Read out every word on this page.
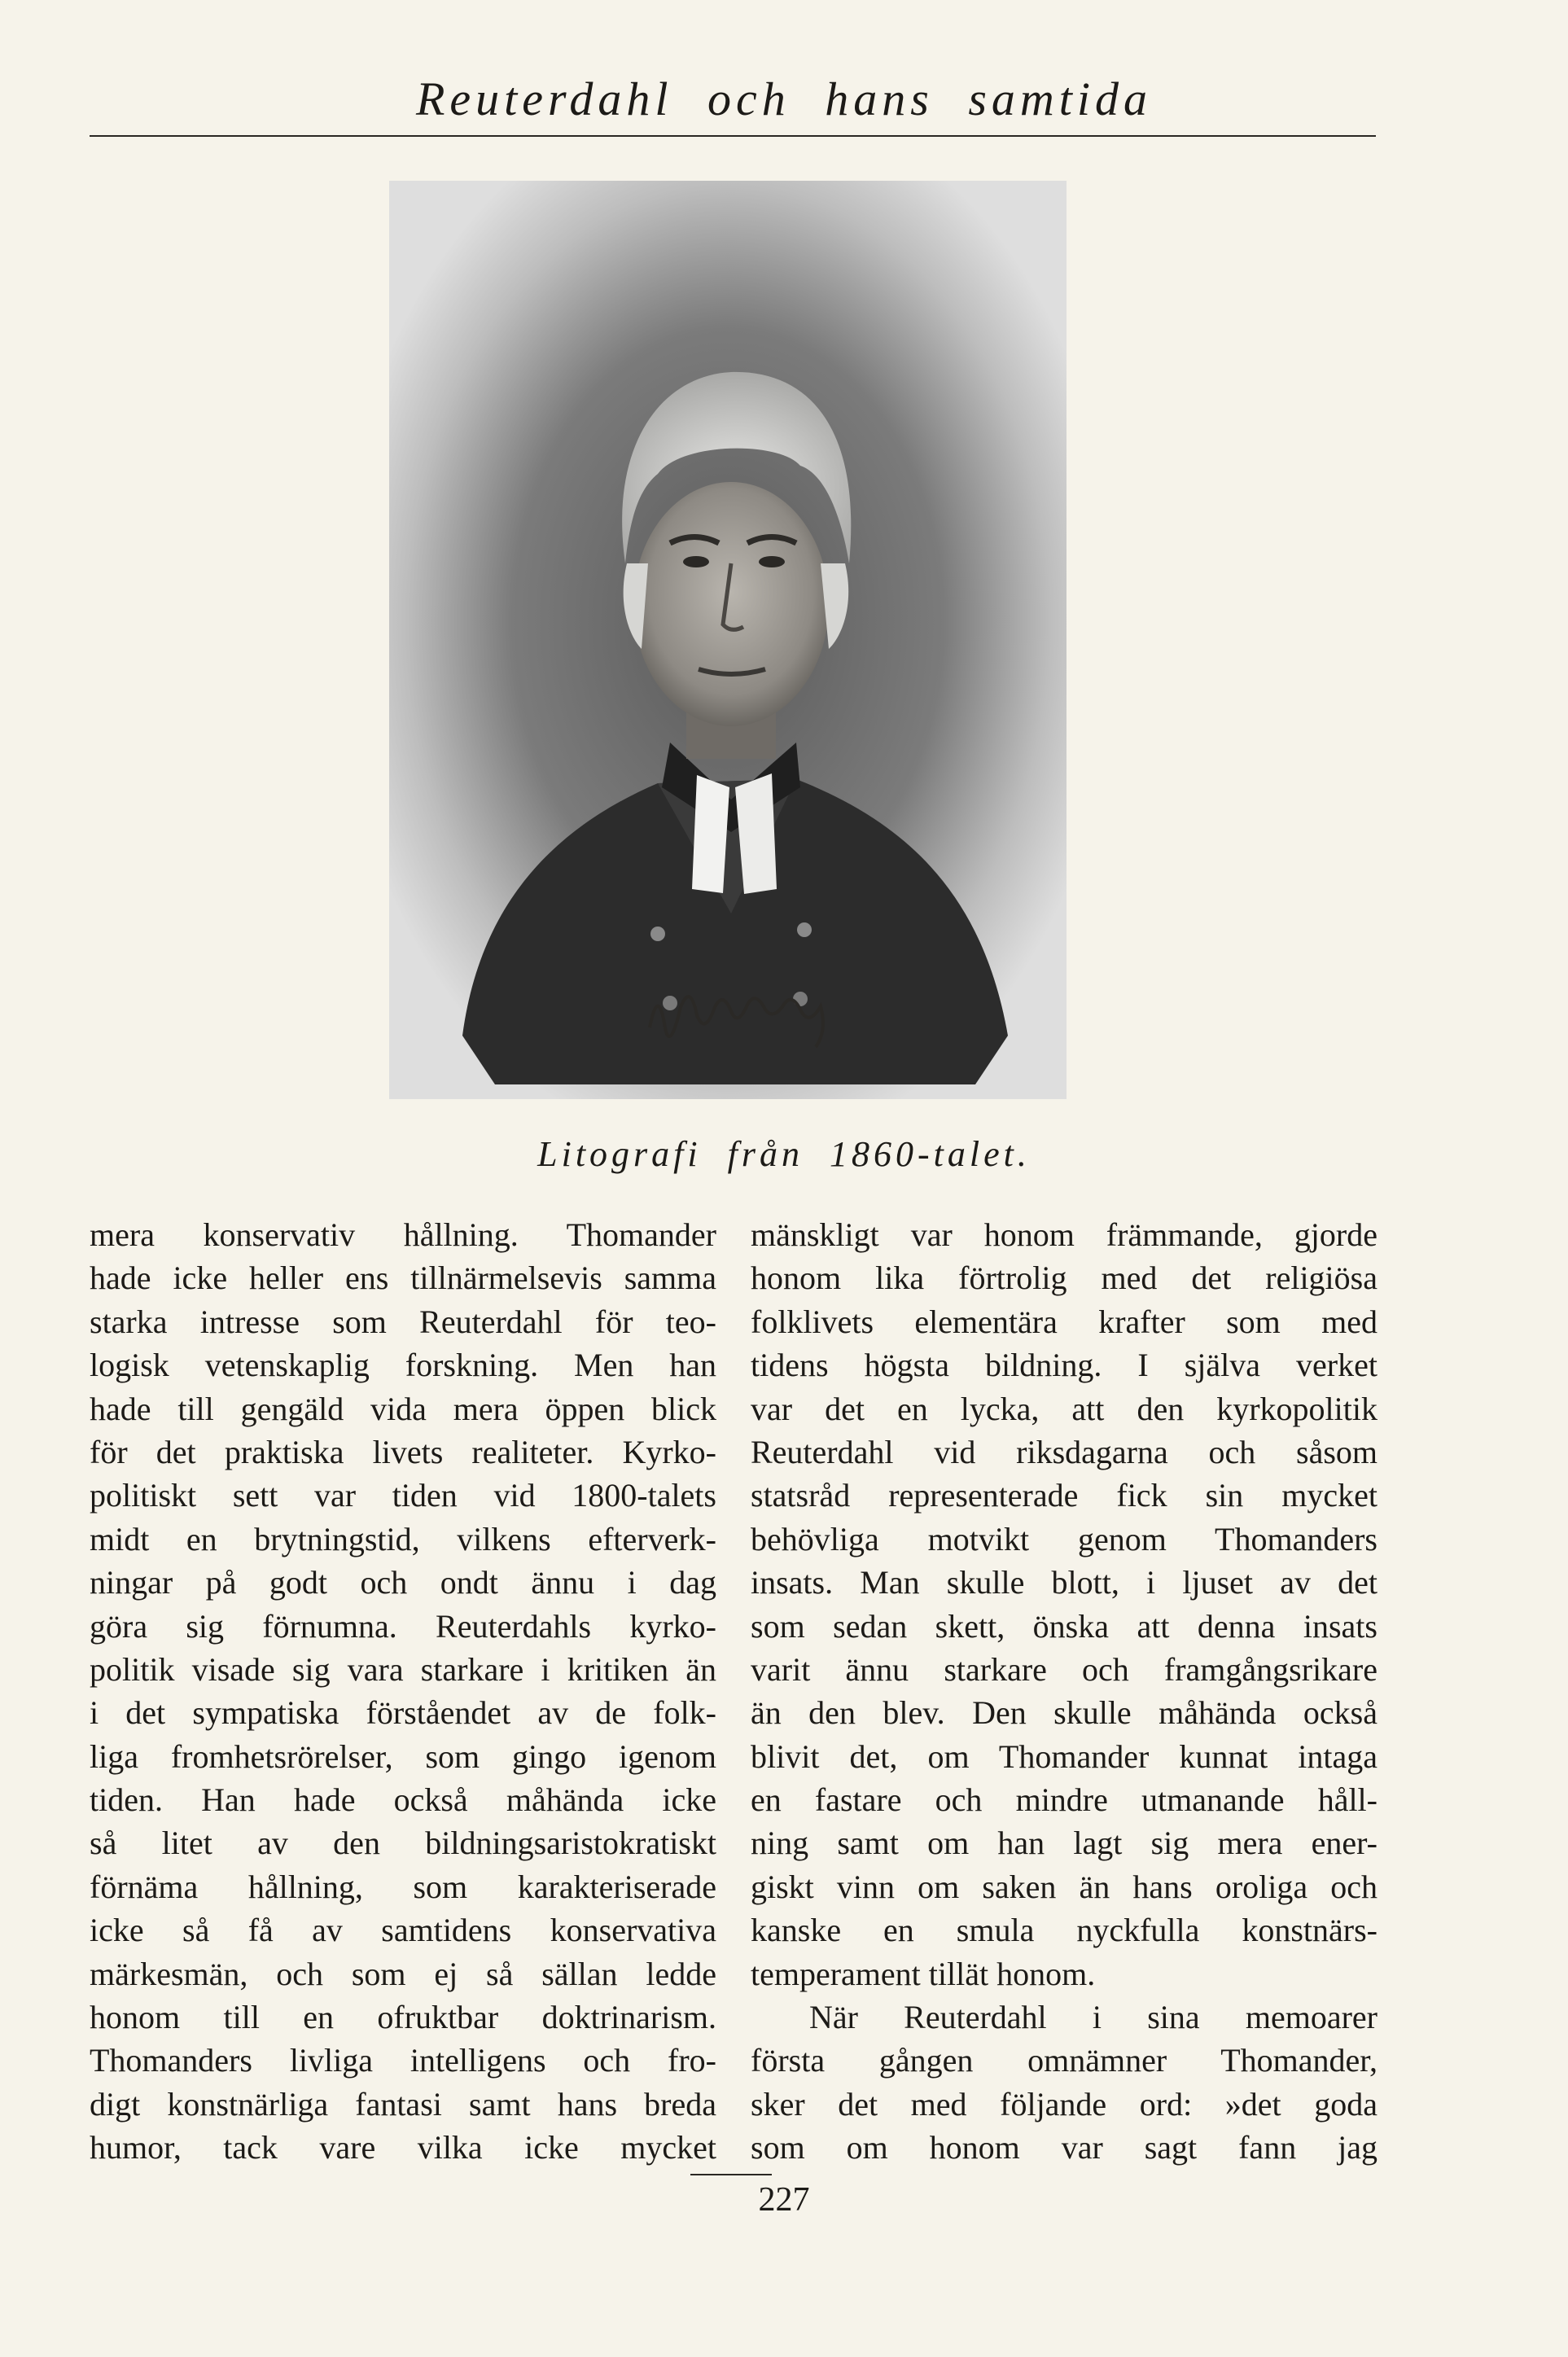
Reuterdahl och hans samtida
Litografi från 1860-talet.
mera konservativ hållning. Thomander
hade icke heller ens tillnärmelsevis samma
starka intresse som Reuterdahl för teo-
logisk vetenskaplig forskning. Men han
hade till gengäld vida mera öppen blick
för det praktiska livets realiteter. Kyrko-
politiskt sett var tiden vid 1800-talets
midt en brytningstid, vilkens efterverk-
ningar på godt och ondt ännu i dag
göra sig förnumna. Reuterdahls kyrko-
politik visade sig vara starkare i kritiken än
i det sympatiska förståendet av de folk-
liga fromhetsrörelser, som gingo igenom
tiden. Han hade också måhända icke
så litet av den bildningsaristokratiskt
förnäma hållning, som karakteriserade
icke så få av samtidens konservativa
märkesmän, och som ej så sällan ledde
honom till en ofruktbar doktrinarism.
Thomanders livliga intelligens och fro-
digt konstnärliga fantasi samt hans breda
humor, tack vare vilka icke mycket
mänskligt var honom främmande, gjorde
honom lika förtrolig med det religiösa
folklivets elementära krafter som med
tidens högsta bildning. I själva verket
var det en lycka, att den kyrkopolitik
Reuterdahl vid riksdagarna och såsom
statsråd representerade fick sin mycket
behövliga motvikt genom Thomanders
insats. Man skulle blott, i ljuset av det
som sedan skett, önska att denna insats
varit ännu starkare och framgångsrikare
än den blev. Den skulle måhända också
blivit det, om Thomander kunnat intaga
en fastare och mindre utmanande håll-
ning samt om han lagt sig mera ener-
giskt vinn om saken än hans oroliga och
kanske en smula nyckfulla konstnärs-
temperament tillät honom.
När Reuterdahl i sina memoarer
första gången omnämner Thomander,
sker det med följande ord: »det goda
som om honom var sagt fann jag
227
